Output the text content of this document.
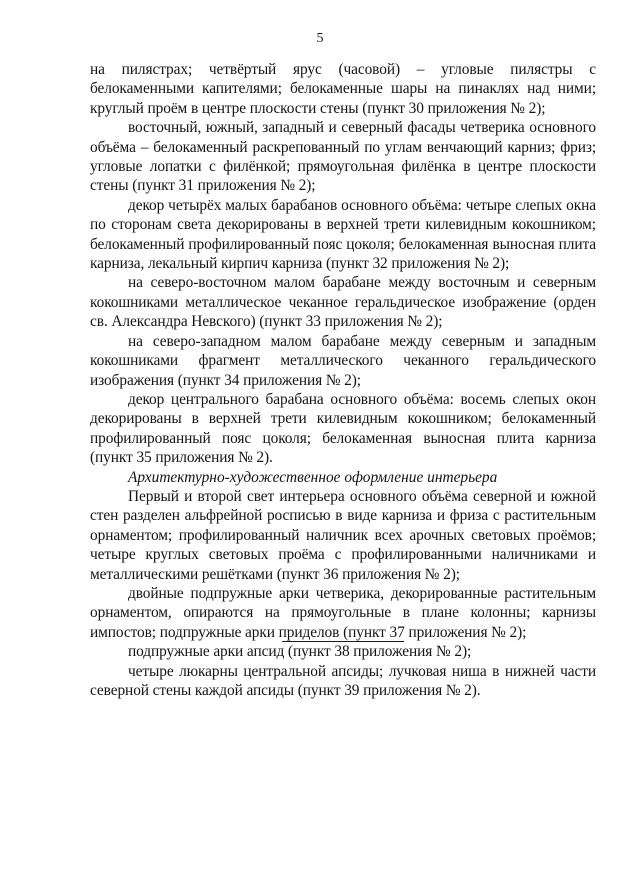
5

на пилястрах; четвёртый ярус (часовой) – угловые пилястры с белокаменными капителями; белокаменные шары на пинаклях над ними; круглый проём в центре плоскости стены (пункт 30 приложения № 2);

восточный, южный, западный и северный фасады четверика основного объёма – белокаменный раскрепованный по углам венчающий карниз; фриз; угловые лопатки с филёнкой; прямоугольная филёнка в центре плоскости стены (пункт 31 приложения № 2);

декор четырёх малых барабанов основного объёма: четыре слепых окна по сторонам света декорированы в верхней трети килевидным кокошником; белокаменный профилированный пояс цоколя; белокаменная выносная плита карниза, лекальный кирпич карниза (пункт 32 приложения № 2);

на северо-восточном малом барабане между восточным и северным кокошниками металлическое чеканное геральдическое изображение (орден св. Александра Невского) (пункт 33 приложения № 2);

на северо-западном малом барабане между северным и западным кокошниками фрагмент металлического чеканного геральдического изображения (пункт 34 приложения № 2);

декор центрального барабана основного объёма: восемь слепых окон декорированы в верхней трети килевидным кокошником; белокаменный профилированный пояс цоколя; белокаменная выносная плита карниза (пункт 35 приложения № 2).

Архитектурно-художественное оформление интерьера

Первый и второй свет интерьера основного объёма северной и южной стен разделен альфрейной росписью в виде карниза и фриза с растительным орнаментом; профилированный наличник всех арочных световых проёмов; четыре круглых световых проёма с профилированными наличниками и металлическими решётками (пункт 36 приложения № 2);

двойные подпружные арки четверика, декорированные растительным орнаментом, опираются на прямоугольные в плане колонны; карнизы импостов; подпружные арки приделов (пункт 37 приложения № 2);

подпружные арки апсид (пункт 38 приложения № 2);

четыре люкарны центральной апсиды; лучковая ниша в нижней части северной стены каждой апсиды (пункт 39 приложения № 2).
